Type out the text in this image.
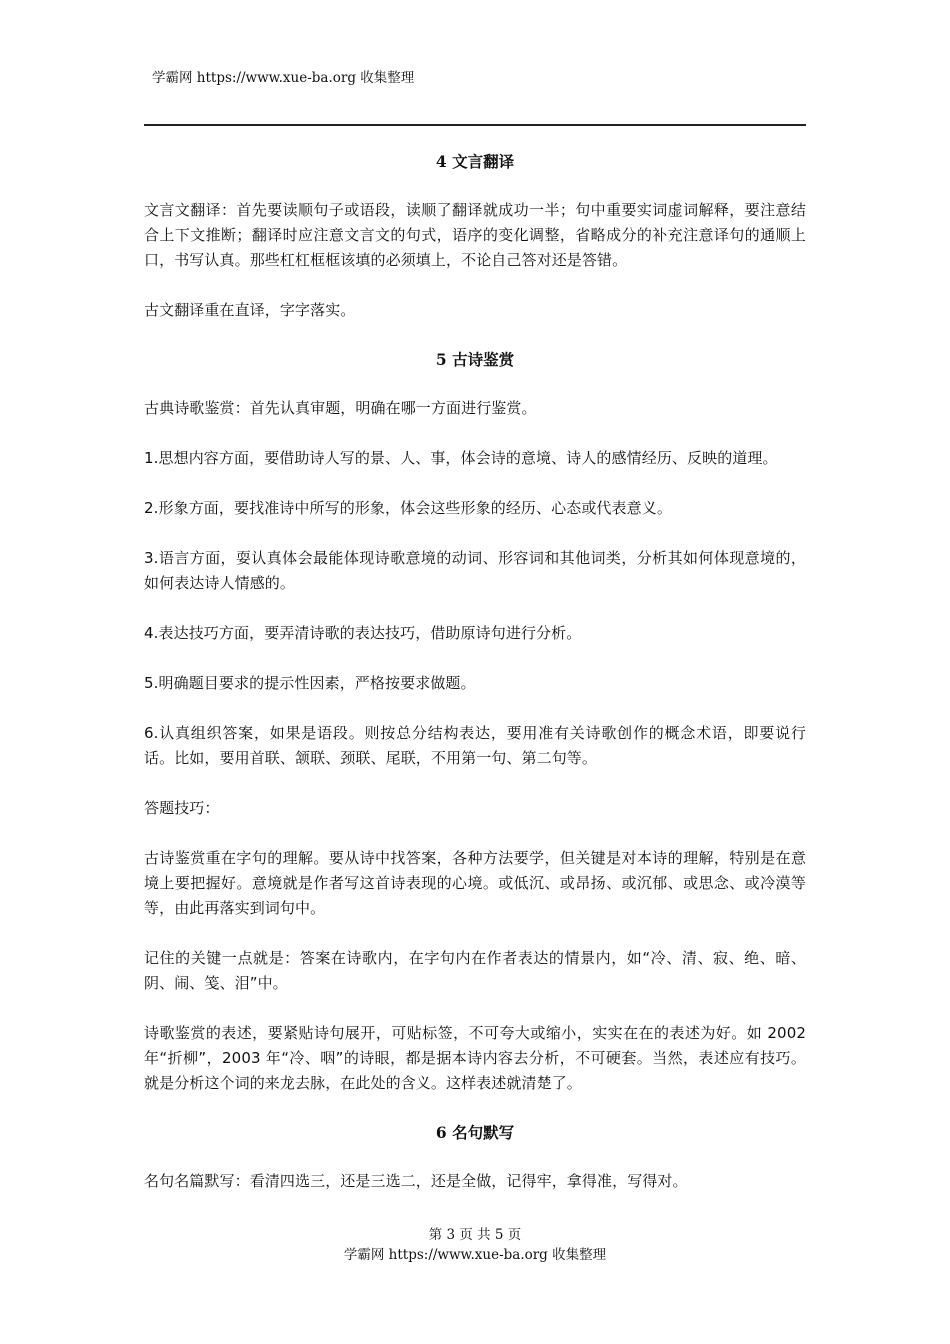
学霸网 https://www.xue-ba.org 收集整理
4 文言翻译

文言文翻译：首先要读顺句子或语段，读顺了翻译就成功一半；句中重要实词虚词解释，要注意结合上下文推断；翻译时应注意文言文的句式，语序的变化调整，省略成分的补充注意译句的通顺上口，书写认真。那些杠杠框框该填的必须填上，不论自己答对还是答错。

古文翻译重在直译，字字落实。

5 古诗鉴赏

古典诗歌鉴赏：首先认真审题，明确在哪一方面进行鉴赏。

1.思想内容方面，要借助诗人写的景、人、事，体会诗的意境、诗人的感情经历、反映的道理。

2.形象方面，要找准诗中所写的形象，体会这些形象的经历、心态或代表意义。

3.语言方面，耍认真体会最能体现诗歌意境的动词、形容词和其他词类，分析其如何体现意境的，如何表达诗人情感的。

4.表达技巧方面，要弄清诗歌的表达技巧，借助原诗句进行分析。

5.明确题目要求的提示性因素，严格按要求做题。

6.认真组织答案，如果是语段。则按总分结构表达，要用准有关诗歌创作的概念术语，即要说行话。比如，要用首联、颔联、颈联、尾联，不用第一句、第二句等。

答题技巧：

古诗鉴赏重在字句的理解。要从诗中找答案，各种方法要学，但关键是对本诗的理解，特别是在意境上要把握好。意境就是作者写这首诗表现的心境。或低沉、或昂扬、或沉郁、或思念、或冷漠等等，由此再落实到词句中。

记住的关键一点就是：答案在诗歌内，在字句内在作者表达的情景内，如“冷、清、寂、绝、暗、阴、闹、笺、泪”中。

诗歌鉴赏的表述，要紧贴诗句展开，可贴标签，不可夸大或缩小，实实在在的表述为好。如 2002 年“折柳”，2003 年“冷、咽”的诗眼，都是据本诗内容去分析，不可硬套。当然，表述应有技巧。就是分析这个词的来龙去脉，在此处的含义。这样表述就清楚了。

6 名句默写

名句名篇默写：看清四选三，还是三选二，还是全做，记得牢，拿得准，写得对。

第 3 页 共 5 页
学霸网 https://www.xue-ba.org 收集整理
